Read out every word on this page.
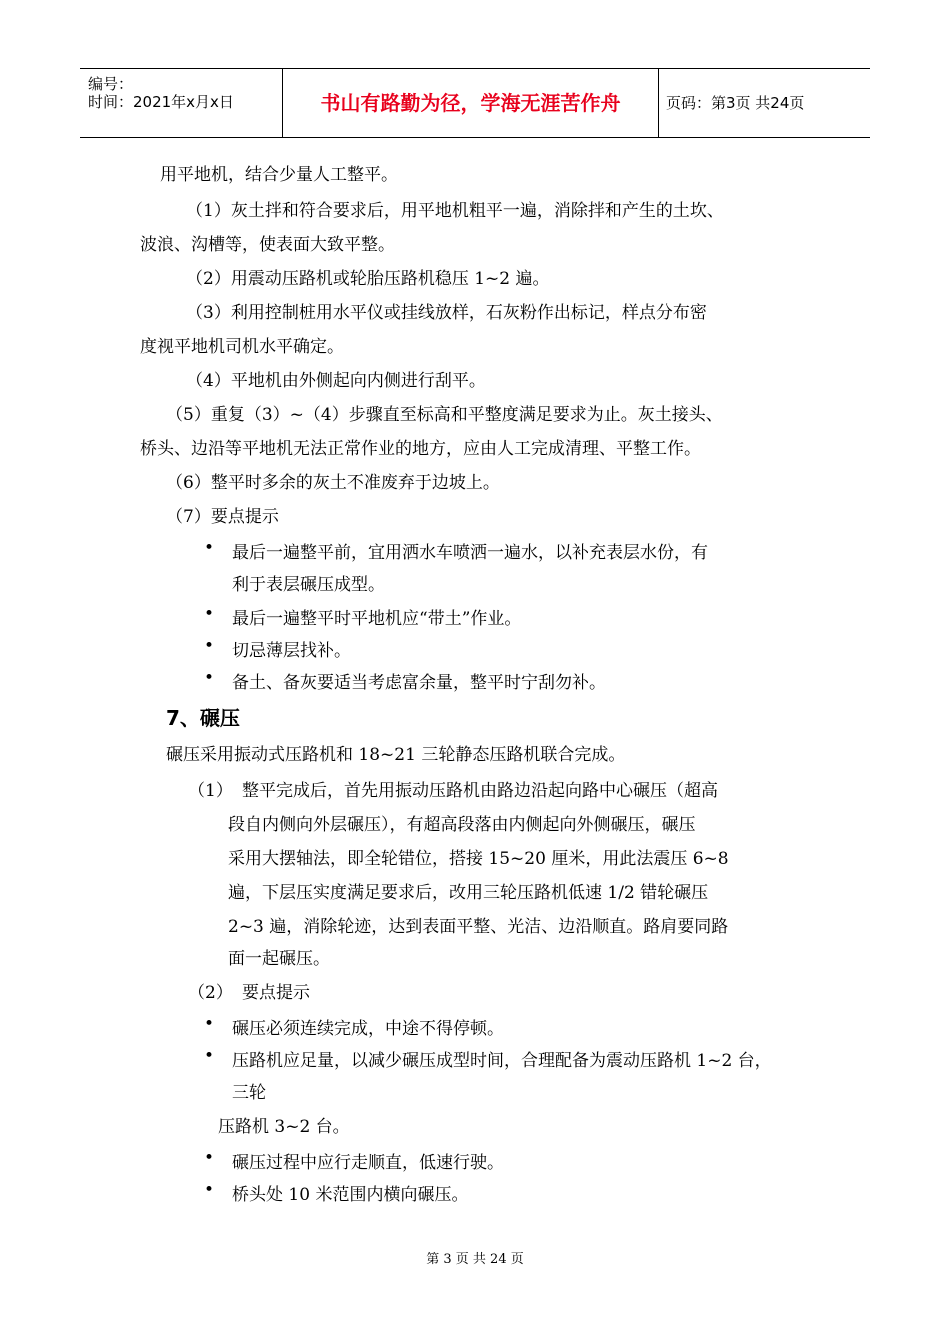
编号：
时间：2021年x月x日	书山有路勤为径，学海无涯苦作舟	页码：第3页 共24页
用平地机，结合少量人工整平。
（1）灰土拌和符合要求后，用平地机粗平一遍，消除拌和产生的土坎、
波浪、沟槽等，使表面大致平整。
（2）用震动压路机或轮胎压路机稳压 1~2 遍。
（3）利用控制桩用水平仪或挂线放样，石灰粉作出标记，样点分布密
度视平地机司机水平确定。
（4）平地机由外侧起向内侧进行刮平。
（5）重复（3）~（4）步骤直至标高和平整度满足要求为止。灰土接头、
桥头、边沿等平地机无法正常作业的地方，应由人工完成清理、平整工作。
（6）整平时多余的灰土不准废弃于边坡上。
（7）要点提示
• 最后一遍整平前，宜用洒水车喷洒一遍水，以补充表层水份，有
利于表层碾压成型。
• 最后一遍整平时平地机应“带土”作业。
• 切忌薄层找补。
• 备土、备灰要适当考虑富余量，整平时宁刮勿补。
7、碾压
碾压采用振动式压路机和 18~21 三轮静态压路机联合完成。
（1） 整平完成后，首先用振动压路机由路边沿起向路中心碾压（超高
段自内侧向外层碾压），有超高段落由内侧起向外侧碾压，碾压
采用大摆轴法，即全轮错位，搭接 15~20 厘米，用此法震压 6~8
遍，下层压实度满足要求后，改用三轮压路机低速 1/2 错轮碾压
2~3 遍，消除轮迹，达到表面平整、光洁、边沿顺直。路肩要同路
面一起碾压。
（2） 要点提示
• 碾压必须连续完成，中途不得停顿。
• 压路机应足量，以减少碾压成型时间，合理配备为震动压路机 1~2 台，
三轮
压路机 3~2 台。
• 碾压过程中应行走顺直，低速行驶。
• 桥头处 10 米范围内横向碾压。
第 3 页 共 24 页
